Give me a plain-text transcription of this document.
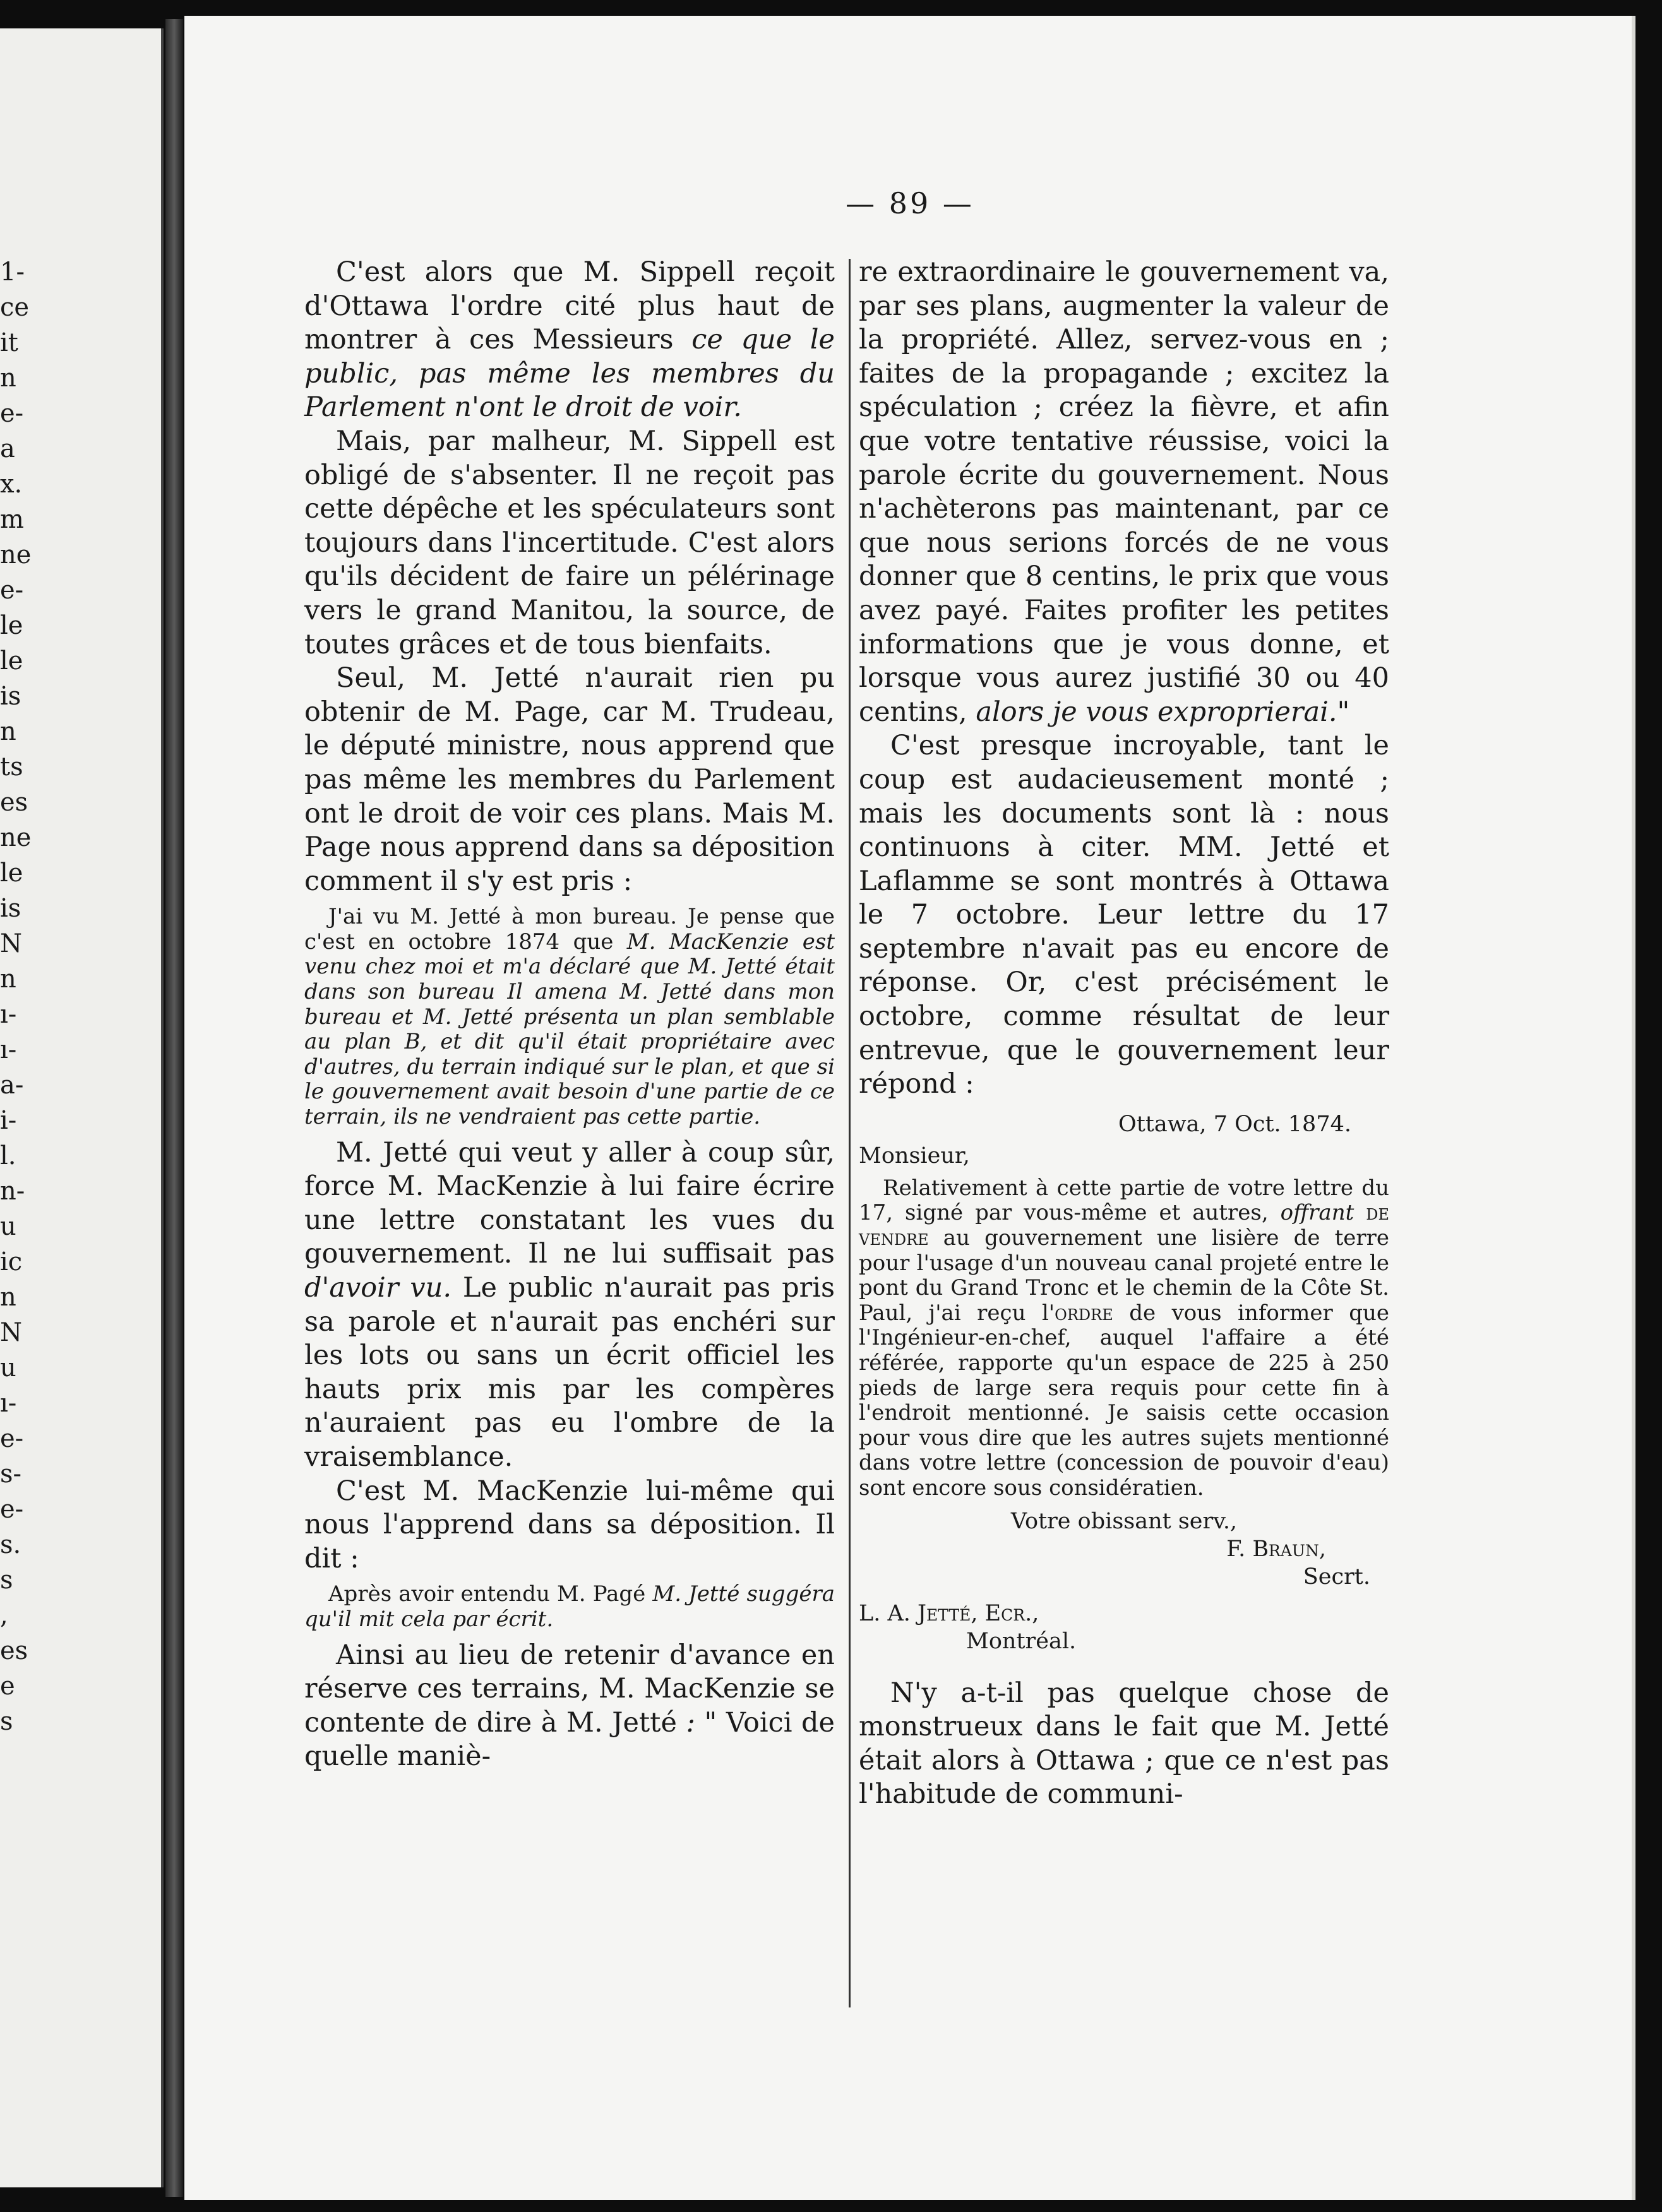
1-
ce
it
n
e-
a
x.
m
ne
e-
le
le
is
n
ts
es
ne
le
is
N
n
ı-
ı-
a-
i-
l.
n-
u
ic
n
N
u
ı-
e-
s-
e-
s.
s
,
es
e
s
— 89 —

C'est alors que M. Sippell reçoit d'Ottawa l'ordre cité plus haut de montrer à ces Messieurs ce que le public, pas même les membres du Parlement n'ont le droit de voir.

Mais, par malheur, M. Sippell est obligé de s'absenter. Il ne reçoit pas cette dépêche et les spéculateurs sont toujours dans l'incertitude. C'est alors qu'ils décident de faire un pélérinage vers le grand Manitou, la source, de toutes grâces et de tous bienfaits.

Seul, M. Jetté n'aurait rien pu obtenir de M. Page, car M. Trudeau, le député ministre, nous apprend que pas même les membres du Parlement ont le droit de voir ces plans. Mais M. Page nous apprend dans sa déposition comment il s'y est pris :

J'ai vu M. Jetté à mon bureau. Je pense que c'est en octobre 1874 que M. MacKenzie est venu chez moi et m'a déclaré que M. Jetté était dans son bureau Il amena M. Jetté dans mon bureau et M. Jetté présenta un plan semblable au plan B, et dit qu'il était propriétaire avec d'autres, du terrain indiqué sur le plan, et que si le gouvernement avait besoin d'une partie de ce terrain, ils ne vendraient pas cette partie.

M. Jetté qui veut y aller à coup sûr, force M. MacKenzie à lui faire écrire une lettre constatant les vues du gouvernement. Il ne lui suffisait pas d'avoir vu. Le public n'aurait pas pris sa parole et n'aurait pas enchéri sur les lots ou sans un écrit officiel les hauts prix mis par les compères n'auraient pas eu l'ombre de la vraisemblance.

C'est M. MacKenzie lui-même qui nous l'apprend dans sa déposition. Il dit :

Après avoir entendu M. Pagé M. Jetté suggéra qu'il mit cela par écrit.

Ainsi au lieu de retenir d'avance en réserve ces terrains, M. MacKenzie se contente de dire à M. Jetté : " Voici de quelle maniè-

re extraordinaire le gouvernement va, par ses plans, augmenter la valeur de la propriété. Allez, servez-vous en ; faites de la propagande ; excitez la spéculation ; créez la fièvre, et afin que votre tentative réussise, voici la parole écrite du gouvernement. Nous n'achèterons pas maintenant, par ce que nous serions forcés de ne vous donner que 8 centins, le prix que vous avez payé. Faites profiter les petites informations que je vous donne, et lorsque vous aurez justifié 30 ou 40 centins, alors je vous exproprierai."

C'est presque incroyable, tant le coup est audacieusement monté ; mais les documents sont là : nous continuons à citer. MM. Jetté et Laflamme se sont montrés à Ottawa le 7 octobre. Leur lettre du 17 septembre n'avait pas eu encore de réponse. Or, c'est précisément le octobre, comme résultat de leur entrevue, que le gouvernement leur répond :

Ottawa, 7 Oct. 1874.

Monsieur,

Relativement à cette partie de votre lettre du 17, signé par vous-même et autres, offrant de vendre au gouvernement une lisière de terre pour l'usage d'un nouveau canal projeté entre le pont du Grand Tronc et le chemin de la Côte St. Paul, j'ai reçu l'ordre de vous informer que l'Ingénieur-en-chef, auquel l'affaire a été référée, rapporte qu'un espace de 225 à 250 pieds de large sera requis pour cette fin à l'endroit mentionné. Je saisis cette occasion pour vous dire que les autres sujets mentionné dans votre lettre (concession de pouvoir d'eau) sont encore sous considératien.

Votre obissant serv.,

F. Braun,

Secrt.

L. A. Jetté, Ecr.,

Montréal.

N'y a-t-il pas quelque chose de monstrueux dans le fait que M. Jetté était alors à Ottawa ; que ce n'est pas l'habitude de communi-
